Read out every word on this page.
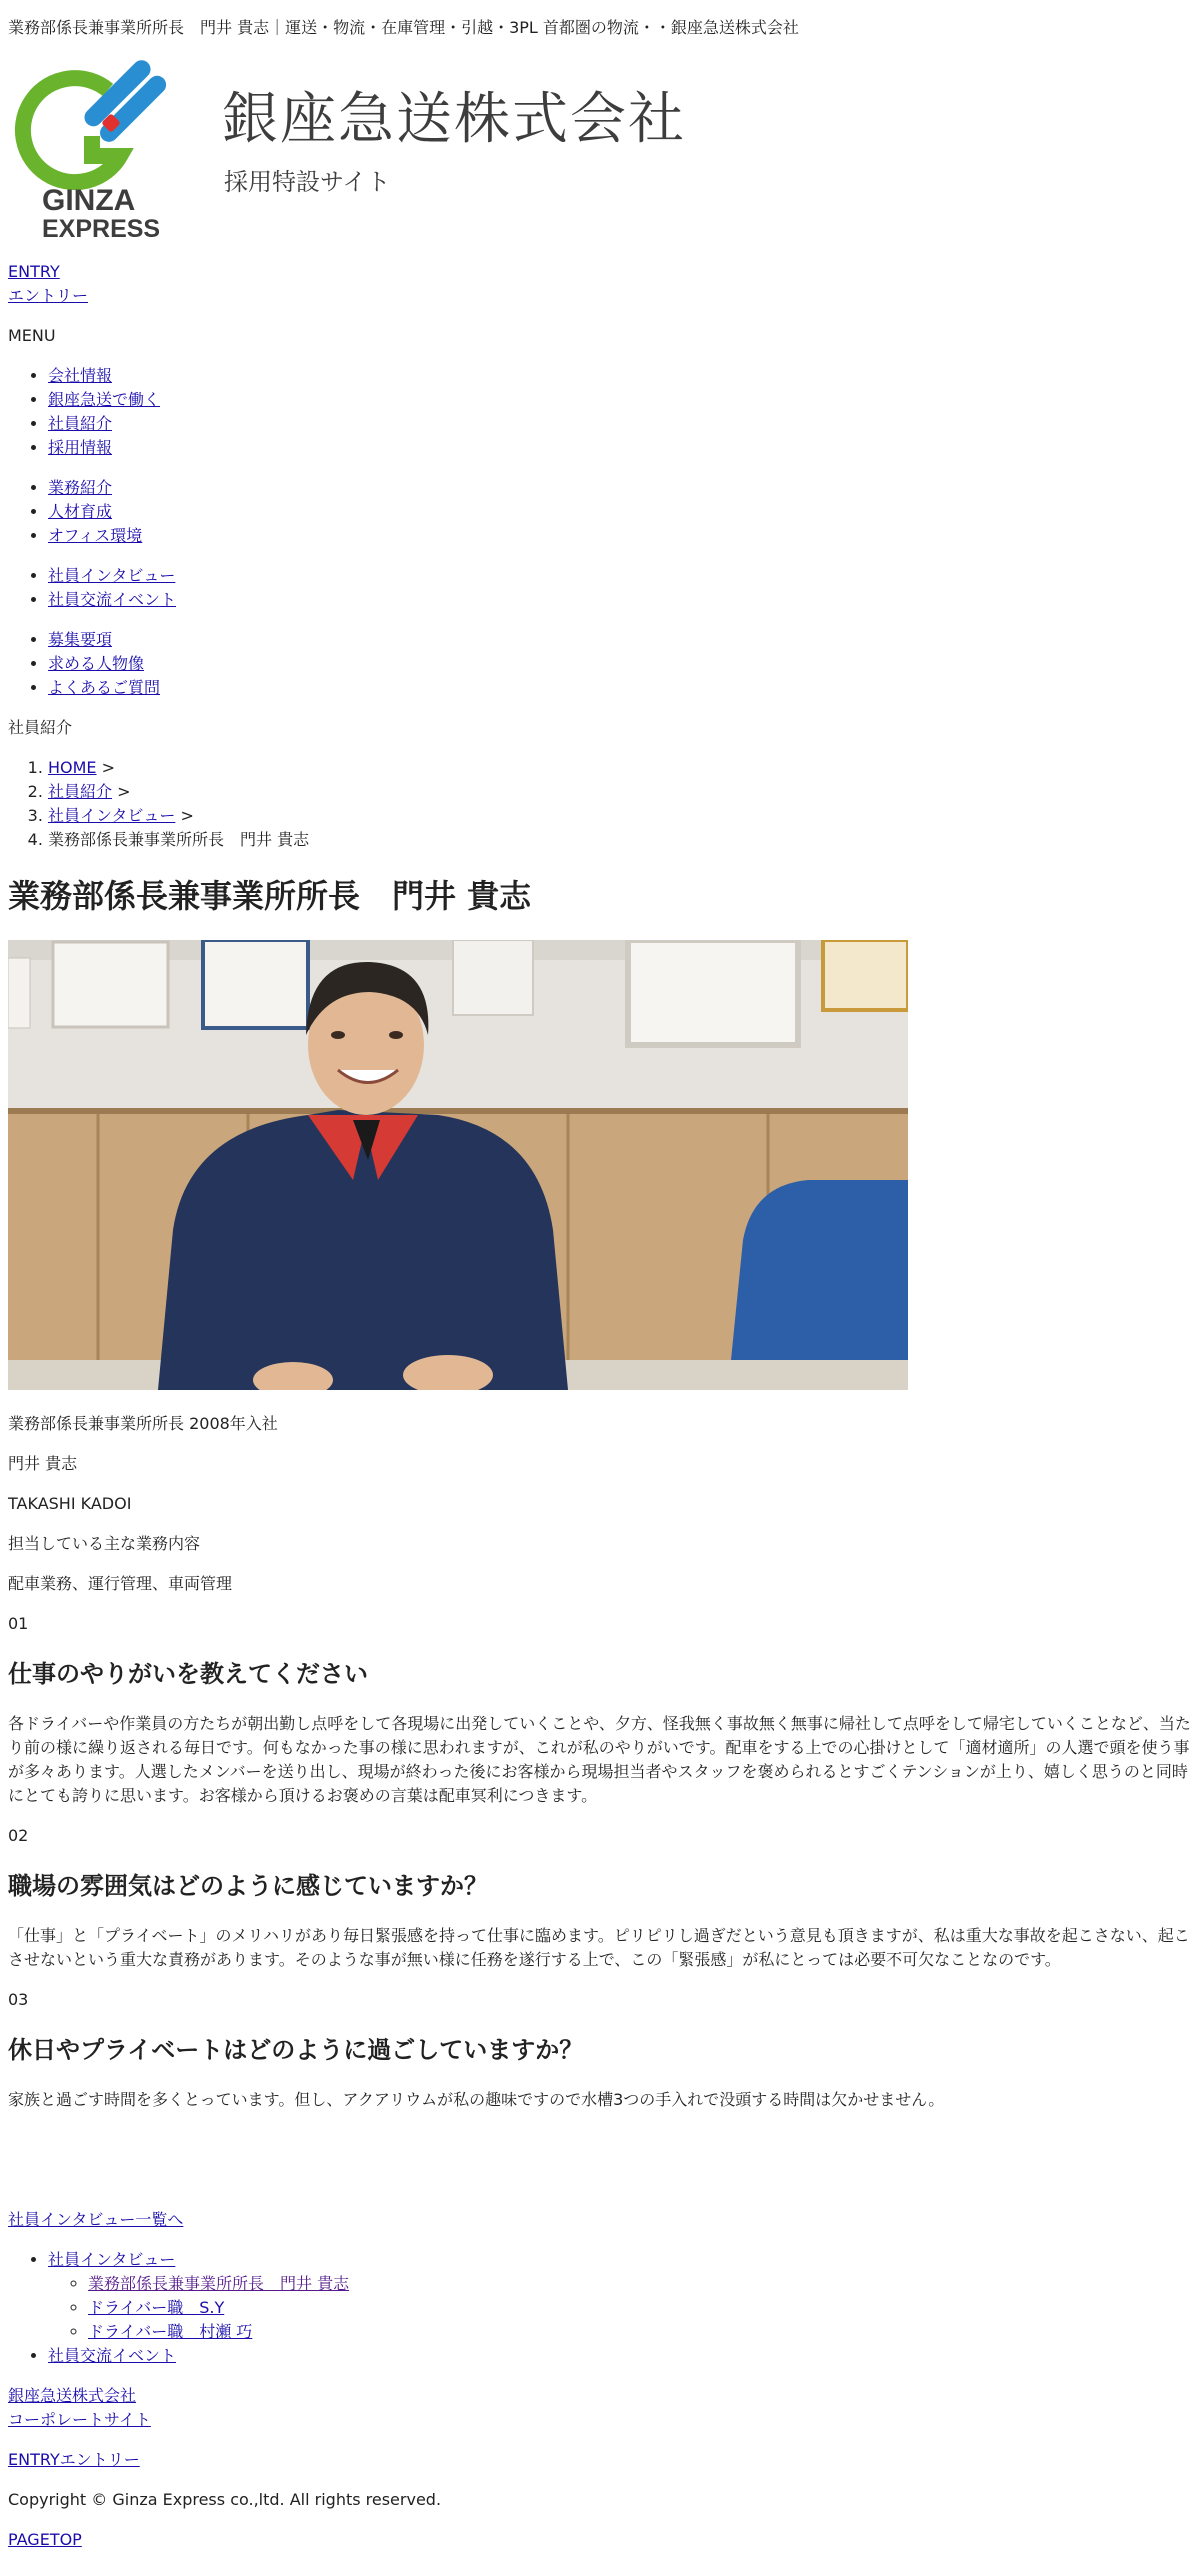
業務部係長兼事業所所長　門井 貴志｜運送・物流・在庫管理・引越・3PL 首都圏の物流・・銀座急送株式会社
GINZA
EXPRESS
銀座急送株式会社
採用特設サイト
ENTRY
エントリー
MENU
• 会社情報
• 銀座急送で働く
• 社員紹介
• 採用情報
• 業務紹介
• 人材育成
• オフィス環境
• 社員インタビュー
• 社員交流イベント
• 募集要項
• 求める人物像
• よくあるご質問
社員紹介
1. HOME >
2. 社員紹介 >
3. 社員インタビュー >
4. 業務部係長兼事業所所長　門井 貴志
業務部係長兼事業所所長　門井 貴志
業務部係長兼事業所所長 2008年入社
門井 貴志
TAKASHI KADOI
担当している主な業務内容
配車業務、運行管理、車両管理
01
仕事のやりがいを教えてください

各ドライバーや作業員の方たちが朝出勤し点呼をして各現場に出発していくことや、夕方、怪我無く事故無く無事に帰社して点呼をして帰宅していくことなど、当たり前の様に繰り返される毎日です。何もなかった事の様に思われますが、これが私のやりがいです。配車をする上での心掛けとして「適材適所」の人選で頭を使う事が多々あります。人選したメンバーを送り出し、現場が終わった後にお客様から現場担当者やスタッフを褒められるとすごくテンションが上り、嬉しく思うのと同時にとても誇りに思います。お客様から頂けるお褒めの言葉は配車冥利につきます。

02
職場の雰囲気はどのように感じていますか？

「仕事」と「プライベート」のメリハリがあり毎日緊張感を持って仕事に臨めます。ピリピリし過ぎだという意見も頂きますが、私は重大な事故を起こさない、起こさせないという重大な責務があります。そのような事が無い様に任務を遂行する上で、この「緊張感」が私にとっては必要不可欠なことなのです。

03
休日やプライベートはどのように過ごしていますか？

家族と過ごす時間を多くとっています。但し、アクアリウムが私の趣味ですので水槽3つの手入れで没頭する時間は欠かせません。

社員インタビュー一覧へ
• 社員インタビュー
◦ 業務部係長兼事業所所長　門井 貴志
◦ ドライバー職　S.Y
◦ ドライバー職　村瀬 巧
• 社員交流イベント
銀座急送株式会社
コーポレートサイト
ENTRYエントリー
Copyright © Ginza Express co.,ltd. All rights reserved.
PAGETOP
